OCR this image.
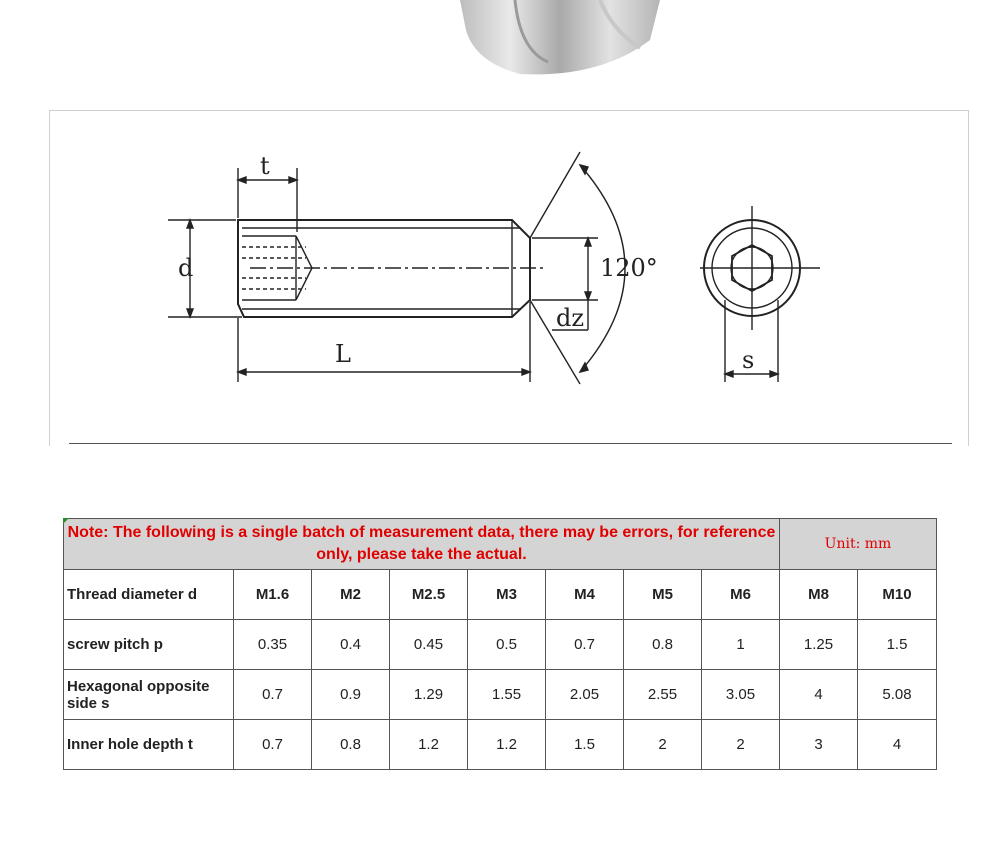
t
d
L
dz
120°
s
Note: The following is a single batch of measurement data, there may be errors, for reference only, please take the actual.								Unit: mm	
Thread diameter d	M1.6	M2	M2.5	M3	M4	M5	M6	M8	M10
screw pitch p	0.35	0.4	0.45	0.5	0.7	0.8	1	1.25	1.5
Hexagonal opposite side s	0.7	0.9	1.29	1.55	2.05	2.55	3.05	4	5.08
Inner hole depth t	0.7	0.8	1.2	1.2	1.5	2	2	3	4
